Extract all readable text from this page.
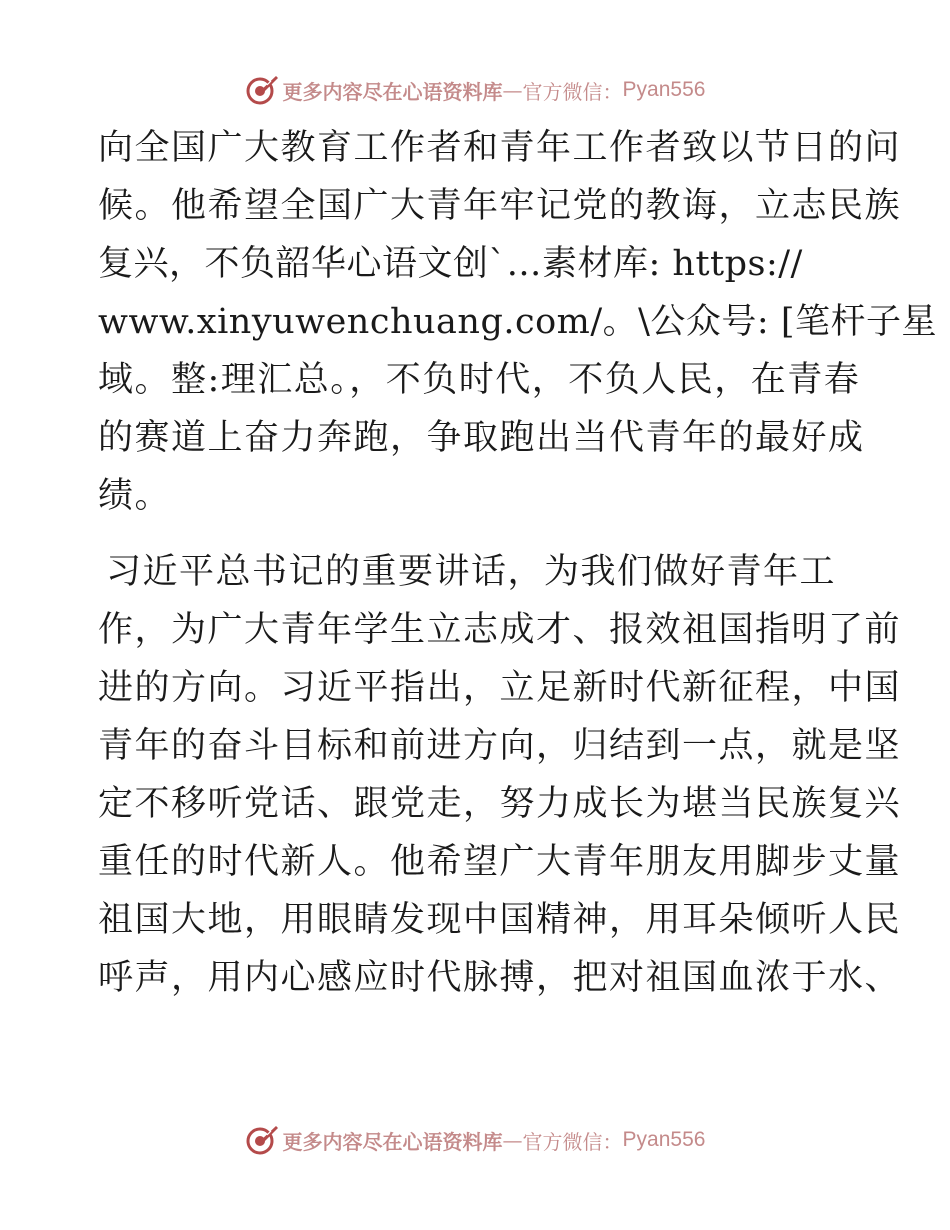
更多内容尽在心语资料库 — 官方微信： Pyan556
向全国广大教育工作者和青年工作者致以节日的问
候。他希望全国广大青年牢记党的教诲，立志民族
复兴，不负韶华心语文创`…素材库: https://
www.xinyuwenchuang.com/。\公众号: [笔杆子星
域。整:理汇总。，不负时代，不负人民，在青春
的赛道上奋力奔跑，争取跑出当代青年的最好成
绩。
习近平总书记的重要讲话，为我们做好青年工
作，为广大青年学生立志成才、报效祖国指明了前
进的方向。习近平指出，立足新时代新征程，中国
青年的奋斗目标和前进方向，归结到一点，就是坚
定不移听党话、跟党走，努力成长为堪当民族复兴
重任的时代新人。他希望广大青年朋友用脚步丈量
祖国大地，用眼睛发现中国精神，用耳朵倾听人民
呼声，用内心感应时代脉搏，把对祖国血浓于水、
更多内容尽在心语资料库 — 官方微信： Pyan556
